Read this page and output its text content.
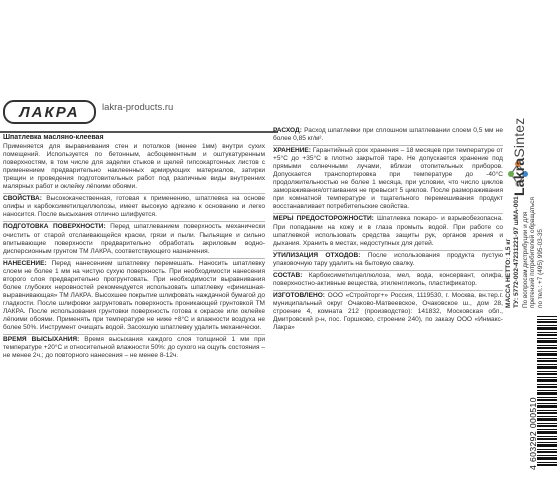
ЛАКРА	lakra-products.ru
Шпатлевка масляно-клеевая

Применяется для выравнивания стен и потолков (менее 1мм) внутри сухих помещений. Используется по бетонным, асбоцементным и оштукатуренным поверхностям, в том числе для заделки стыков и щелей гипсокартонных листов с применением предварительно наклеенных армирующих материалов, затирки трещин и проведения подготовительных работ под различные виды внутренних малярных работ и оклейку лёгкими обоями.

СВОЙСТВА: Высококачественная, готовая к применению, шпатлевка на основе олифы и карбоксиметилцеллюлозы, имеет высокую адгезию к основанию и легко наносится. После высыхания отлично шлифуется.

ПОДГОТОВКА ПОВЕРХНОСТИ: Перед шпатлеванием поверхность механически очистить от старой отслаивающейся краски, грязи и пыли. Пыльящие и сильно впитывающие поверхности предварительно обработать акриловым водно-дисперсионным грунтом ТМ ЛАКРА, соответствующего назначения.

НАНЕСЕНИЕ: Перед нанесением шпатлевку перемешать. Наносить шпатлевку слоем не более 1 мм на чистую сухую поверхность. При необходимости нанесения второго слоя предварительно прогрунтовать. При необходимости выравнивания более глубоких неровностей рекомендуется использовать шпатлевку «финишная-выравнивающая» ТМ ЛАКРА. Высохшее покрытие шлифовать наждачной бумагой до гладкости. После шлифовки загрунтовать поверхность проникающей грунтовкой ТМ ЛАКРА. После использования грунтовки поверхность готова к окраске или оклейке лёгкими обоями. Применять при температуре не ниже +8°С и влажности воздуха не более 50%. Инструмент очищать водой. Засохшую шпатлевку удалить механически.

ВРЕМЯ ВЫСЫХАНИЯ: Время высыхания каждого слоя толщиной 1 мм при температуре +20°С и относительной влажности 50%: до сухого на ощупь состояния – не менее 2ч.; до повторного нанесения – не менее 8-12ч.

РАСХОД: Расход шпатлевки при сплошном шпатлевании слоем 0,5 мм не более 0,85 кг/м².

ХРАНЕНИЕ: Гарантийный срок хранения – 18 месяцев при температуре от +5°С до +35°С в плотно закрытой таре. Не допускается хранение под прямыми солнечными лучами, вблизи отопительных приборов. Допускается транспортировка при температуре до -40°С продолжительностью не более 1 месяца, при условии, что число циклов замораживания/оттаивания не превысит 5 циклов. После размораживания при комнатной температуре и тщательного перемешивания продукт восстанавливает потребительские свойства.

МЕРЫ ПРЕДОСТОРОЖНОСТИ: Шпатлевка пожаро- и взрывобезопасна. При попадании на кожу и в глаза промыть водой. При работе со шпатлевкой использовать средства защиты рук, органов зрения и дыхания. Хранить в местах, недоступных для детей.

УТИЛИЗАЦИЯ ОТХОДОВ: После использования продукта пустую упаковочную тару удалить на бытовую свалку.

СОСТАВ: Карбоксиметилцеллюлоза, мел, вода, консервант, олифа, поверхностно-активные вещества, этиленгликоль, пластификатор.

ИЗГОТОВЛЕНО: ООО «Стройторг+» Россия, 1119530, г. Москва, вн.тер.г. муниципальный округ Очаково-Матвеевское, Очаковское ш., дом 28, строение 4, комната 212 (производство): 141832, Московская обл., Дмитровский р-н, пос. Горшково, строение 240), по заказу ООО «Инмакс-Лакра»

LakraSintez
МАССА НЕТТО: 1,5 кг ТУ: 5772-002-47231221-97 шМА-001 По вопросам дистрибуции и для претензий потребителей обращаться по тел.: +7 (495) 995-03-35
4 603292 000510
